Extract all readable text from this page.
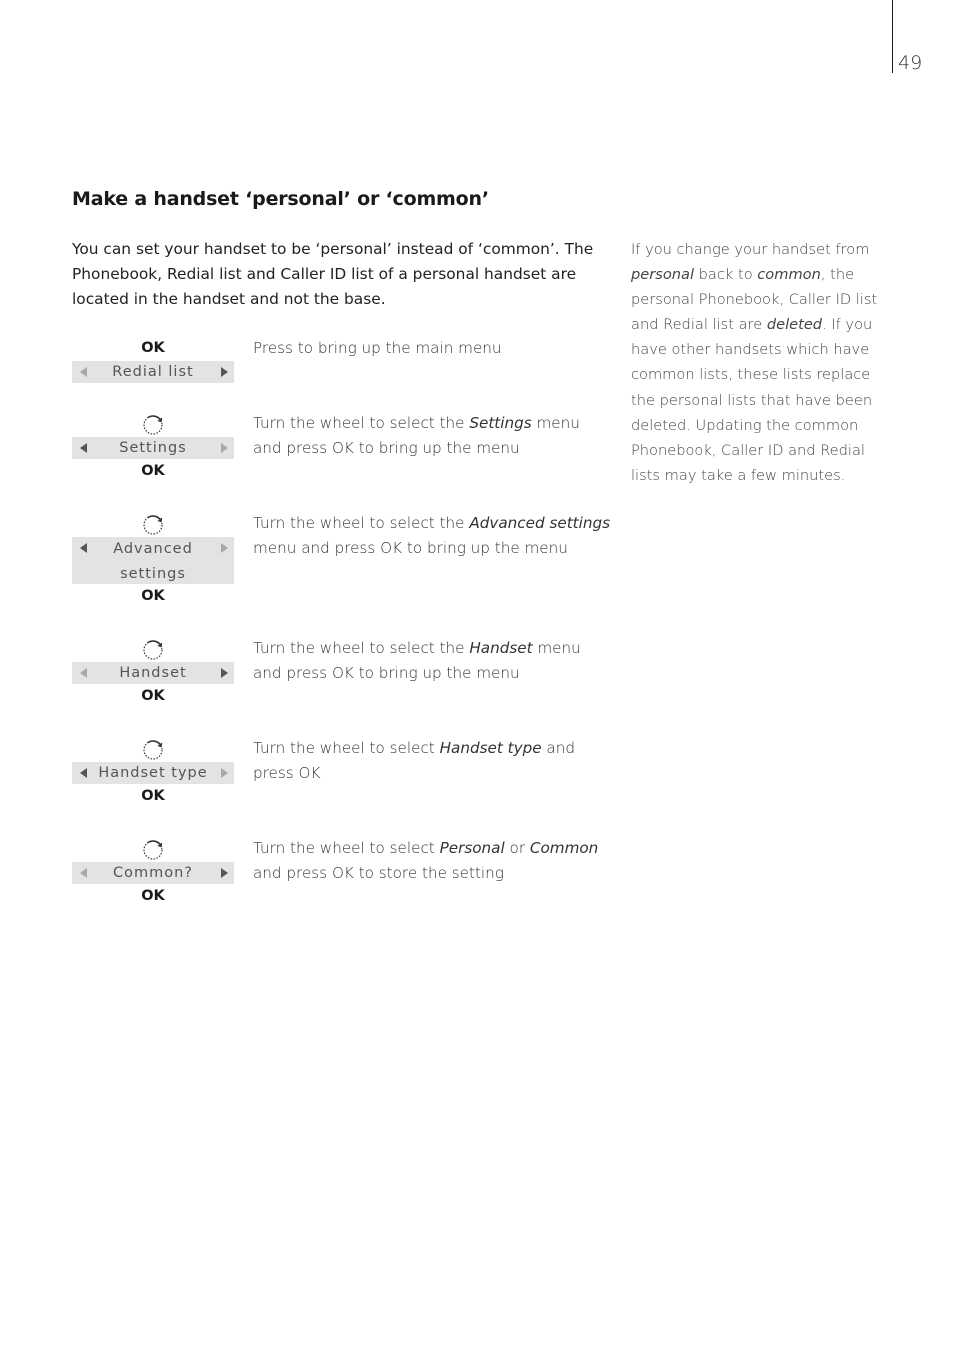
49
Make a handset ‘personal’ or ‘common’

You can set your handset to be ‘personal’ instead of ‘common’. The Phonebook, Redial list and Caller ID list of a personal handset are located in the handset and not the base.

If you change your handset from personal back to common, the personal Phonebook, Caller ID list and Redial list are deleted. If you have other handsets which have common lists, these lists replace the personal lists that have been deleted. Updating the common Phonebook, Caller ID and Redial lists may take a few minutes.

OK
Redial list

Press to bring up the main menu

Settings
OK

Turn the wheel to select the Settings menu and press OK to bring up the menu

Advanced
settings
OK

Turn the wheel to select the Advanced settings menu and press OK to bring up the menu

Handset
OK

Turn the wheel to select the Handset menu and press OK to bring up the menu

Handset type
OK

Turn the wheel to select Handset type and press OK

Common?
OK

Turn the wheel to select Personal or Common and press OK to store the setting
